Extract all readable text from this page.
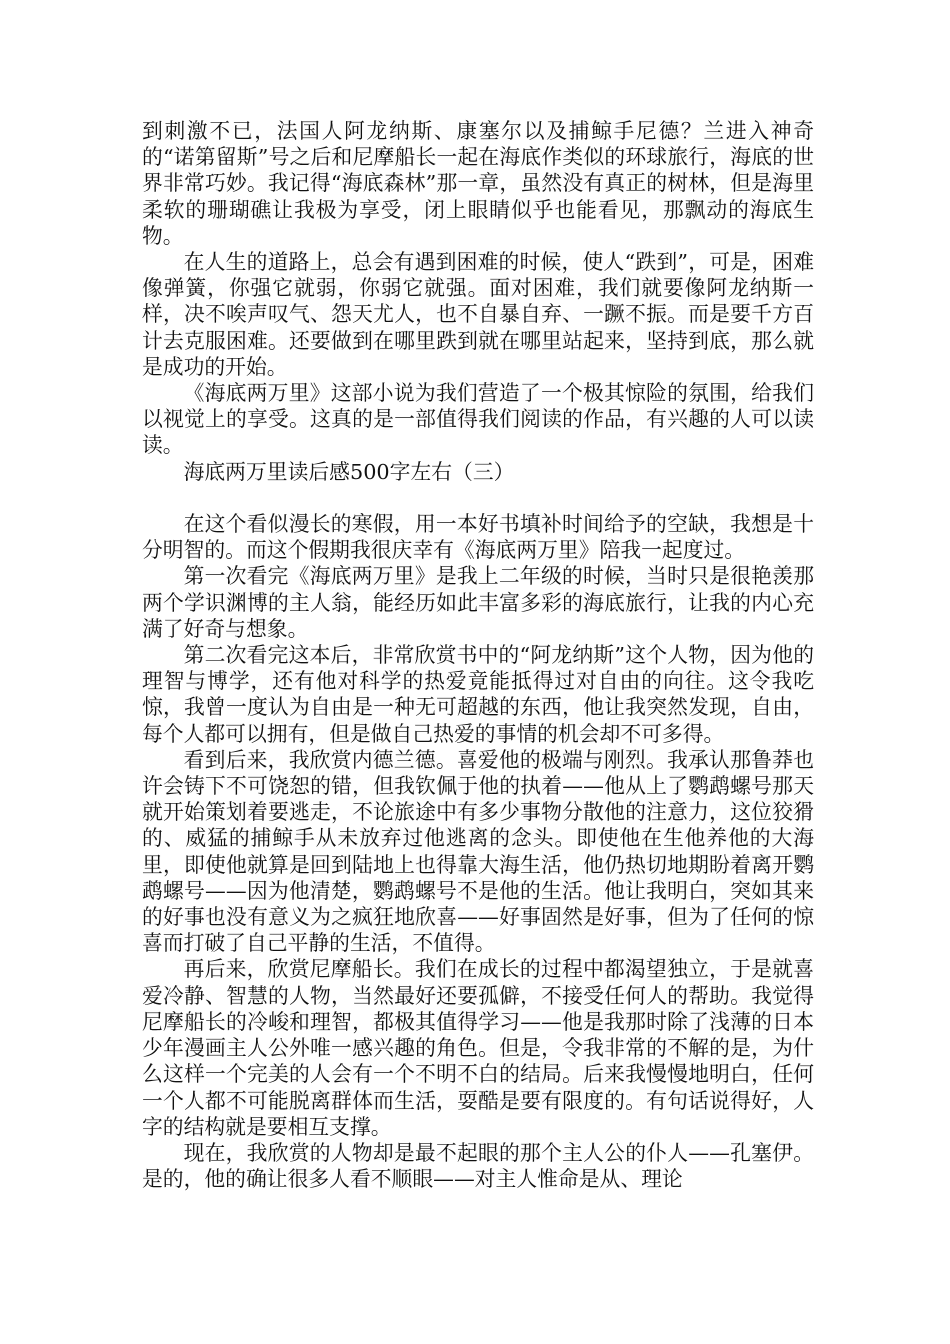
到刺激不已，法国人阿龙纳斯、康塞尔以及捕鲸手尼德？兰进入神奇的“诺第留斯”号之后和尼摩船长一起在海底作类似的环球旅行，海底的世界非常巧妙。我记得“海底森林”那一章，虽然没有真正的树林，但是海里柔软的珊瑚礁让我极为享受，闭上眼睛似乎也能看见，那飘动的海底生物。

在人生的道路上，总会有遇到困难的时候，使人“跌到”，可是，困难像弹簧，你强它就弱，你弱它就强。面对困难，我们就要像阿龙纳斯一样，决不唉声叹气、怨天尤人，也不自暴自弃、一蹶不振。而是要千方百计去克服困难。还要做到在哪里跌到就在哪里站起来，坚持到底，那么就是成功的开始。

《海底两万里》这部小说为我们营造了一个极其惊险的氛围，给我们以视觉上的享受。这真的是一部值得我们阅读的作品，有兴趣的人可以读读。

海底两万里读后感500字左右（三）

在这个看似漫长的寒假，用一本好书填补时间给予的空缺，我想是十分明智的。而这个假期我很庆幸有《海底两万里》陪我一起度过。

第一次看完《海底两万里》是我上二年级的时候，当时只是很艳羡那两个学识渊博的主人翁，能经历如此丰富多彩的海底旅行，让我的内心充满了好奇与想象。

第二次看完这本后，非常欣赏书中的“阿龙纳斯”这个人物，因为他的理智与博学，还有他对科学的热爱竟能抵得过对自由的向往。这令我吃惊，我曾一度认为自由是一种无可超越的东西，他让我突然发现，自由，每个人都可以拥有，但是做自己热爱的事情的机会却不可多得。

看到后来，我欣赏内德兰德。喜爱他的极端与刚烈。我承认那鲁莽也许会铸下不可饶恕的错，但我钦佩于他的执着——他从上了鹦鹉螺号那天就开始策划着要逃走，不论旅途中有多少事物分散他的注意力，这位狡猾的、威猛的捕鲸手从未放弃过他逃离的念头。即使他在生他养他的大海里，即使他就算是回到陆地上也得靠大海生活，他仍热切地期盼着离开鹦鹉螺号——因为他清楚，鹦鹉螺号不是他的生活。他让我明白，突如其来的好事也没有意义为之疯狂地欣喜——好事固然是好事，但为了任何的惊喜而打破了自己平静的生活，不值得。

再后来，欣赏尼摩船长。我们在成长的过程中都渴望独立，于是就喜爱冷静、智慧的人物，当然最好还要孤僻，不接受任何人的帮助。我觉得尼摩船长的冷峻和理智，都极其值得学习——他是我那时除了浅薄的日本少年漫画主人公外唯一感兴趣的角色。但是，令我非常的不解的是，为什么这样一个完美的人会有一个不明不白的结局。后来我慢慢地明白，任何一个人都不可能脱离群体而生活，耍酷是要有限度的。有句话说得好，人字的结构就是要相互支撑。

现在，我欣赏的人物却是最不起眼的那个主人公的仆人——孔塞伊。是的，他的确让很多人看不顺眼——对主人惟命是从、理论
